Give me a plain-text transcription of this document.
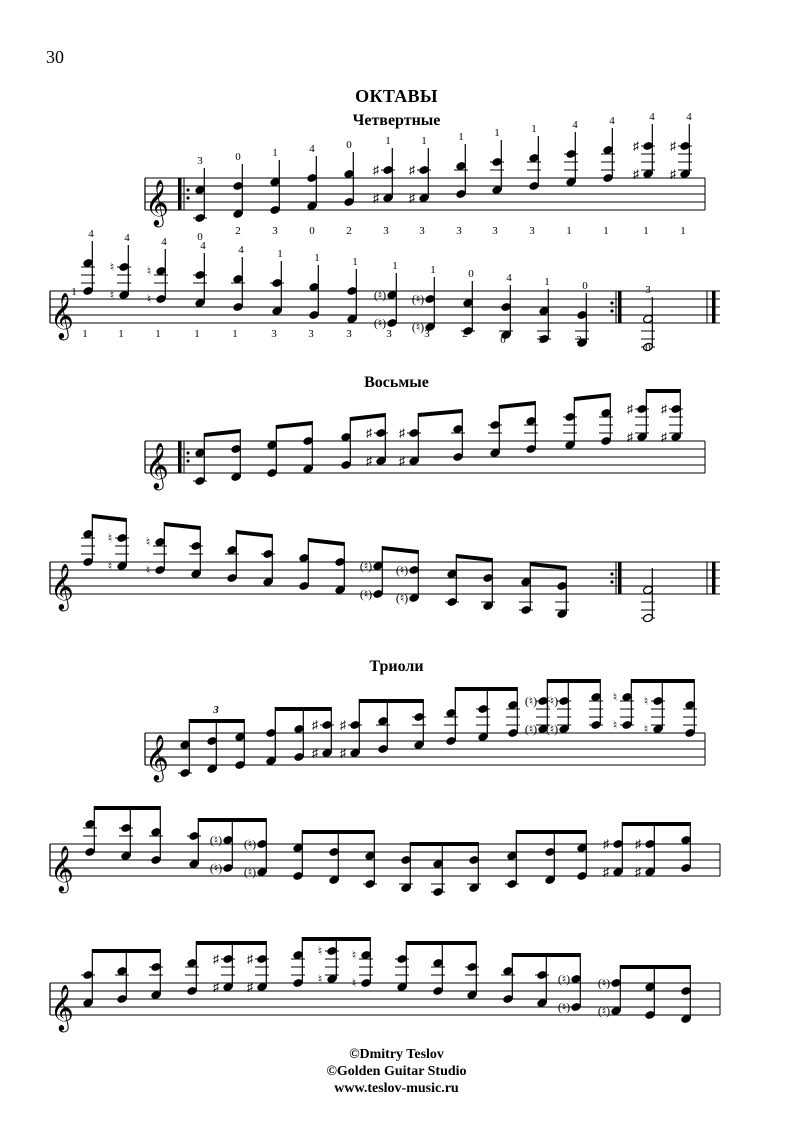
30
ОКТАВЫ
Четвертные
Восьмые
Триоли
𝄞
𝄞
𝄞
𝄞
𝄞
𝄞
𝄞
3
0
0
2
1
3
4
0
0
2
♯
♯
1
3
♯
♯
1
3
1
3
1
3
1
3
4
1
4
1
♯
♯
4
1
♯
♯
4
1
1
4
1
♮
♮
4
1
♮
♮
4
1
4
1
4
1
1
3
1
3
1
3
(♮)
(♮)
1
3 (♮)
(♮)
1
3
0
2
4
0
1
3
0
2
3
0
♯
♯
♯
♯	♯
♯
♯
♯
♮
♮
♮
♮
(♮)
(♮)
(♮)
(♮)
3
♯
♯
♯
♯	(♮)
(♮)
(♮)
(♮)
♮
♮
♮
♮
(♮)
(♮)
(♮)
(♮)
♯
♯
♯
♯
♯
♯
♯
♯
♮
♮
♮
♮
(♮)
(♮)
(♮)
(♮)
©Dmitry Teslov
©Golden Guitar Studio
www.teslov-music.ru
